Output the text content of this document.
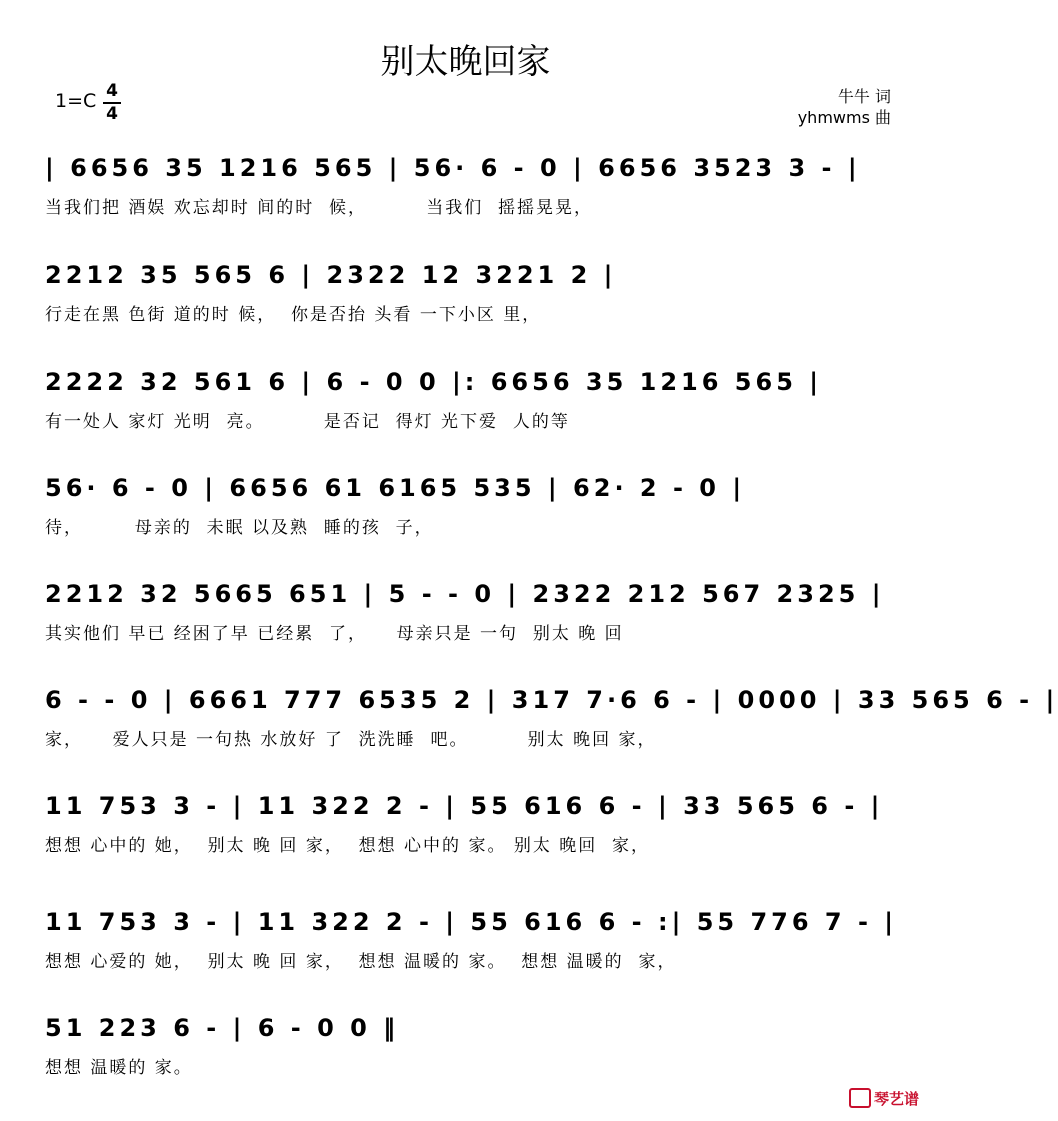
别太晚回家
1=C 4
4
牛牛 词
yhmwms 曲
| 6656 35 1216 565 | 56· 6 - 0 | 6656 3523 3 - |
当我们把 酒娱 欢忘却时 间的时  候，        当我们  摇摇晃晃，
2212 35 565 6 | 2322 12 3221 2 |
行走在黑 色街 道的时 候，  你是否抬 头看 一下小区 里，
2222 32 561 6 | 6 - 0 0 |: 6656 35 1216 565 |
有一处人 家灯 光明  亮。        是否记  得灯 光下爱  人的等
56· 6 - 0 | 6656 61 6165 535 | 62· 2 - 0 |
待，       母亲的  未眠 以及熟  睡的孩  子，
2212 32 5665 651 | 5 - - 0 | 2322 212 567 2325 |
其实他们 早已 经困了早 已经累  了，    母亲只是 一句  别太 晚 回
6 - - 0 | 6661 777 6535 2 | 317 7·6 6 - | 0000 | 33 565 6 - |
家，    爱人只是 一句热 水放好 了  洗洗睡  吧。        别太 晚回 家，
11 753 3 - | 11 322 2 - | 55 616 6 - | 33 565 6 - |
想想 心中的 她，  别太 晚 回 家，  想想 心中的 家。 别太 晚回  家，
11 753 3 - | 11 322 2 - | 55 616 6 - :| 55 776 7 - |
想想 心爱的 她，  别太 晚 回 家，  想想 温暖的 家。  想想 温暖的  家，
51 223 6 - | 6 - 0 0 ‖
想想 温暖的 家。
琴艺谱
